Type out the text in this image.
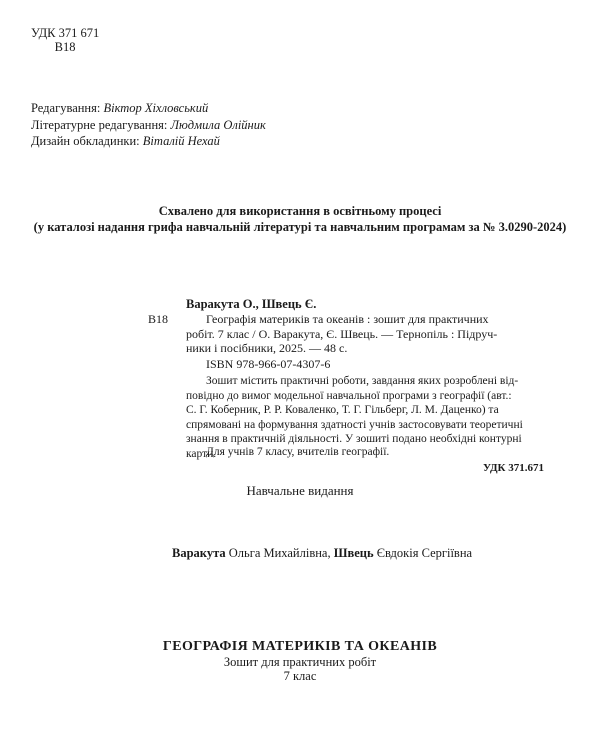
УДК 371 671
В18
Редагування: Віктор Хіхловський
Літературне редагування: Людмила Олійник
Дизайн обкладинки: Віталій Нехай
Схвалено для використання в освітньому процесі
(у каталозі надання грифа навчальній літературі та навчальним програмам за № 3.0290-2024)
Варакута О., Швець Є.
В18	Географія материків та океанів : зошит для практичних
робіт. 7 клас / О. Варакута, Є. Швець. — Тернопіль : Підруч-
ники і посібники, 2025. — 48 с.
ISBN 978-966-07-4307-6
Зошит містить практичні роботи, завдання яких розроблені від-
повідно до вимог модельної навчальної програми з географії (авт.:
С. Г. Коберник, Р. Р. Коваленко, Т. Г. Гільберг, Л. М. Даценко) та
спрямовані на формування здатності учнів застосовувати теоретичні
знання в практичній діяльності. У зошиті подано необхідні контурні
карти.
Для учнів 7 класу, вчителів географії.
УДК 371.671
Навчальне видання
Варакута Ольга Михайлівна, Швець Євдокія Сергіївна
ГЕОГРАФІЯ МАТЕРИКІВ ТА ОКЕАНІВ
Зошит для практичних робіт
7 клас
